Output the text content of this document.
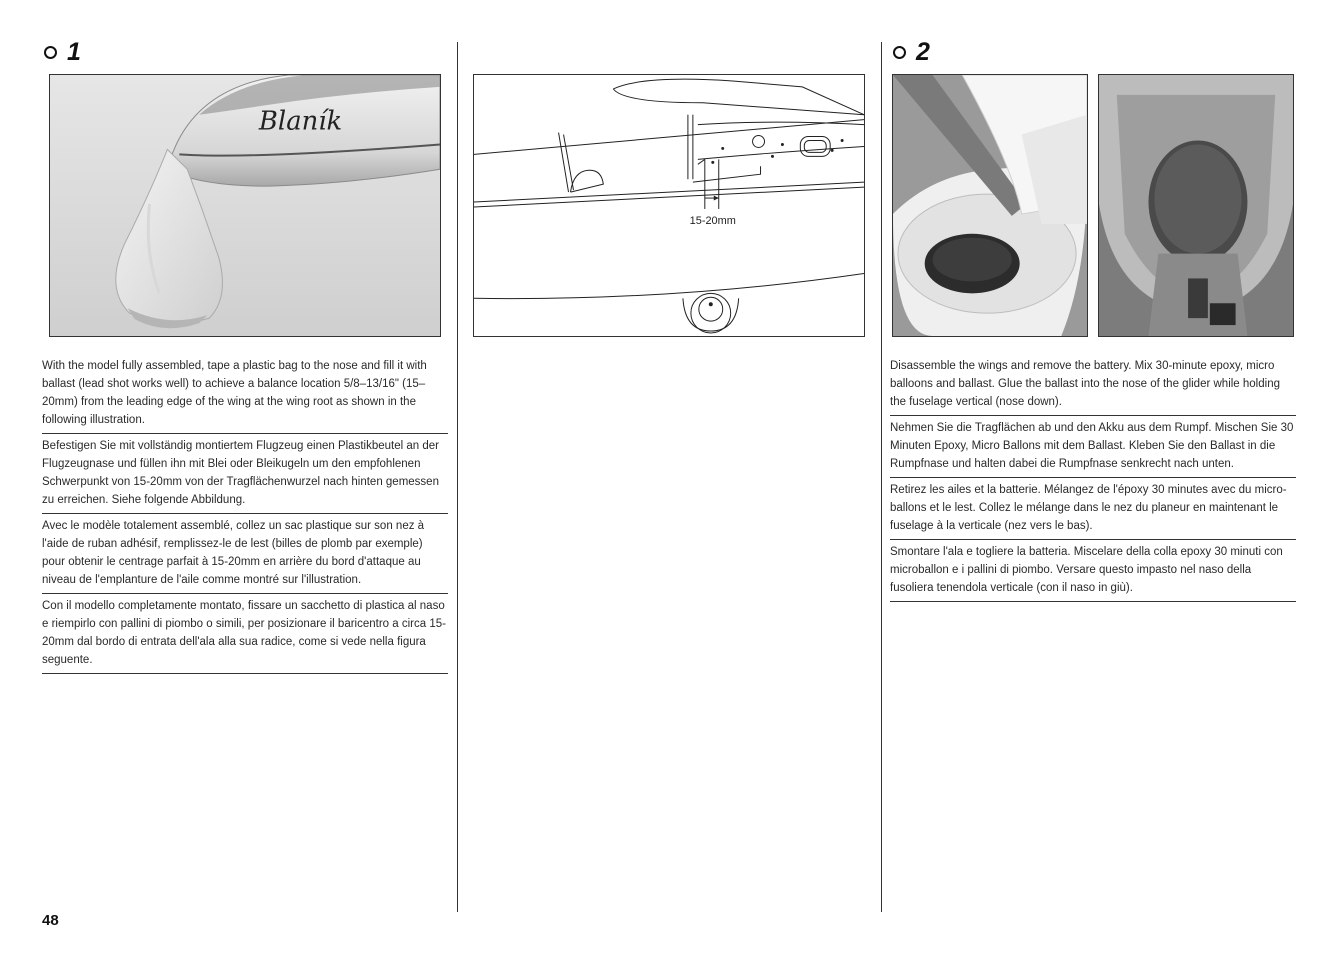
1	2
Blaník
15-20mm

With the model fully assembled, tape a plastic bag to the nose and fill it with ballast (lead shot works well) to achieve a balance location 5/8–13/16" (15–20mm) from the leading edge of the wing at the wing root as shown in the following illustration.

Befestigen Sie mit vollständig montiertem Flugzeug einen Plastikbeutel an der Flugzeugnase und füllen ihn mit Blei oder Bleikugeln um den empfohlenen Schwerpunkt von 15-20mm von der Tragflächenwurzel nach hinten gemessen zu erreichen. Siehe folgende Abbildung.

Avec le modèle totalement assemblé, collez un sac plastique sur son nez à l'aide de ruban adhésif, remplissez-le de lest (billes de plomb par exemple) pour obtenir le centrage parfait à 15-20mm en arrière du bord d'attaque au niveau de l'emplanture de l'aile comme montré sur l'illustration.

Con il modello completamente montato, fissare un sacchetto di plastica al naso e riempirlo con pallini di piombo o simili, per posizionare il baricentro a circa 15-20mm dal bordo di entrata dell'ala alla sua radice, come si vede nella figura seguente.

Disassemble the wings and remove the battery. Mix 30-minute epoxy, micro balloons and ballast. Glue the ballast into the nose of the glider while holding the fuselage vertical (nose down).

Nehmen Sie die Tragflächen ab und den Akku aus dem Rumpf. Mischen Sie 30 Minuten Epoxy, Micro Ballons mit dem Ballast. Kleben Sie den Ballast in die Rumpfnase und halten dabei die Rumpfnase senkrecht nach unten.

Retirez les ailes et la batterie. Mélangez de l'époxy 30 minutes avec du micro-ballons et le lest. Collez le mélange dans le nez du planeur en maintenant le fuselage à la verticale (nez vers le bas).

Smontare l'ala e togliere la batteria. Miscelare della colla epoxy 30 minuti con microballon e i pallini di piombo. Versare questo impasto nel naso della fusoliera tenendola verticale (con il naso in giù).

48
